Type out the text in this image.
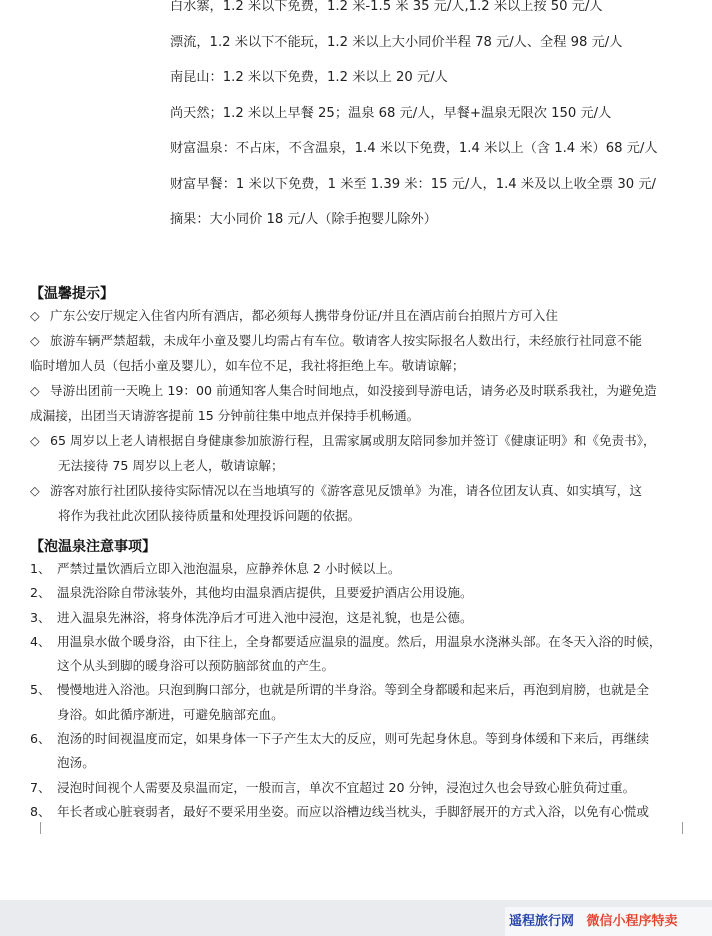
白水寨，1.2 米以下免费，1.2 米-1.5 米 35 元/人,1.2 米以上按 50 元/人
漂流，1.2 米以下不能玩，1.2 米以上大小同价半程 78 元/人、全程 98 元/人
南昆山：1.2 米以下免费，1.2 米以上 20 元/人
尚天然；1.2 米以上早餐 25；温泉 68 元/人，早餐+温泉无限次 150 元/人
财富温泉：不占床，不含温泉，1.4 米以下免费，1.4 米以上（含 1.4 米）68 元/人
财富早餐：1 米以下免费，1 米至 1.39 米：15 元/人，1.4 米及以上收全票 30 元/
摘果：大小同价 18 元/人（除手抱婴儿除外）
【温馨提示】
◇ 广东公安厅规定入住省内所有酒店，都必须每人携带身份证/并且在酒店前台拍照片方可入住
◇ 旅游车辆严禁超载，未成年小童及婴儿均需占有车位。敬请客人按实际报名人数出行，未经旅行社同意不能
临时增加人员（包括小童及婴儿），如车位不足，我社将拒绝上车。敬请谅解；
◇ 导游出团前一天晚上 19：00 前通知客人集合时间地点，如没接到导游电话，请务必及时联系我社，为避免造
成漏接，出团当天请游客提前 15 分钟前往集中地点并保持手机畅通。
◇ 65 周岁以上老人请根据自身健康参加旅游行程，且需家属或朋友陪同参加并签订《健康证明》和《免责书》，
无法接待 75 周岁以上老人，敬请谅解；
◇ 游客对旅行社团队接待实际情况以在当地填写的《游客意见反馈单》为准，请各位团友认真、如实填写，这
将作为我社此次团队接待质量和处理投诉问题的依据。
【泡温泉注意事项】
1、 严禁过量饮酒后立即入池泡温泉，应静养休息 2 小时候以上。
2、 温泉洗浴除自带泳装外，其他均由温泉酒店提供，且要爱护酒店公用设施。
3、 进入温泉先淋浴，将身体洗净后才可进入池中浸泡，这是礼貌，也是公德。
4、 用温泉水做个暖身浴，由下往上，全身都要适应温泉的温度。然后，用温泉水浇淋头部。在冬天入浴的时候，
这个从头到脚的暖身浴可以预防脑部贫血的产生。
5、 慢慢地进入浴池。只泡到胸口部分，也就是所谓的半身浴。等到全身都暖和起来后，再泡到肩膀，也就是全
身浴。如此循序渐进，可避免脑部充血。
6、 泡汤的时间视温度而定，如果身体一下子产生太大的反应，则可先起身休息。等到身体缓和下来后，再继续
泡汤。
7、 浸泡时间视个人需要及泉温而定，一般而言，单次不宜超过 20 分钟，浸泡过久也会导致心脏负荷过重。
8、 年长者或心脏衰弱者，最好不要采用坐姿。而应以浴槽边线当枕头，手脚舒展开的方式入浴，以免有心慌或
遥程旅行网 微信小程序特卖
